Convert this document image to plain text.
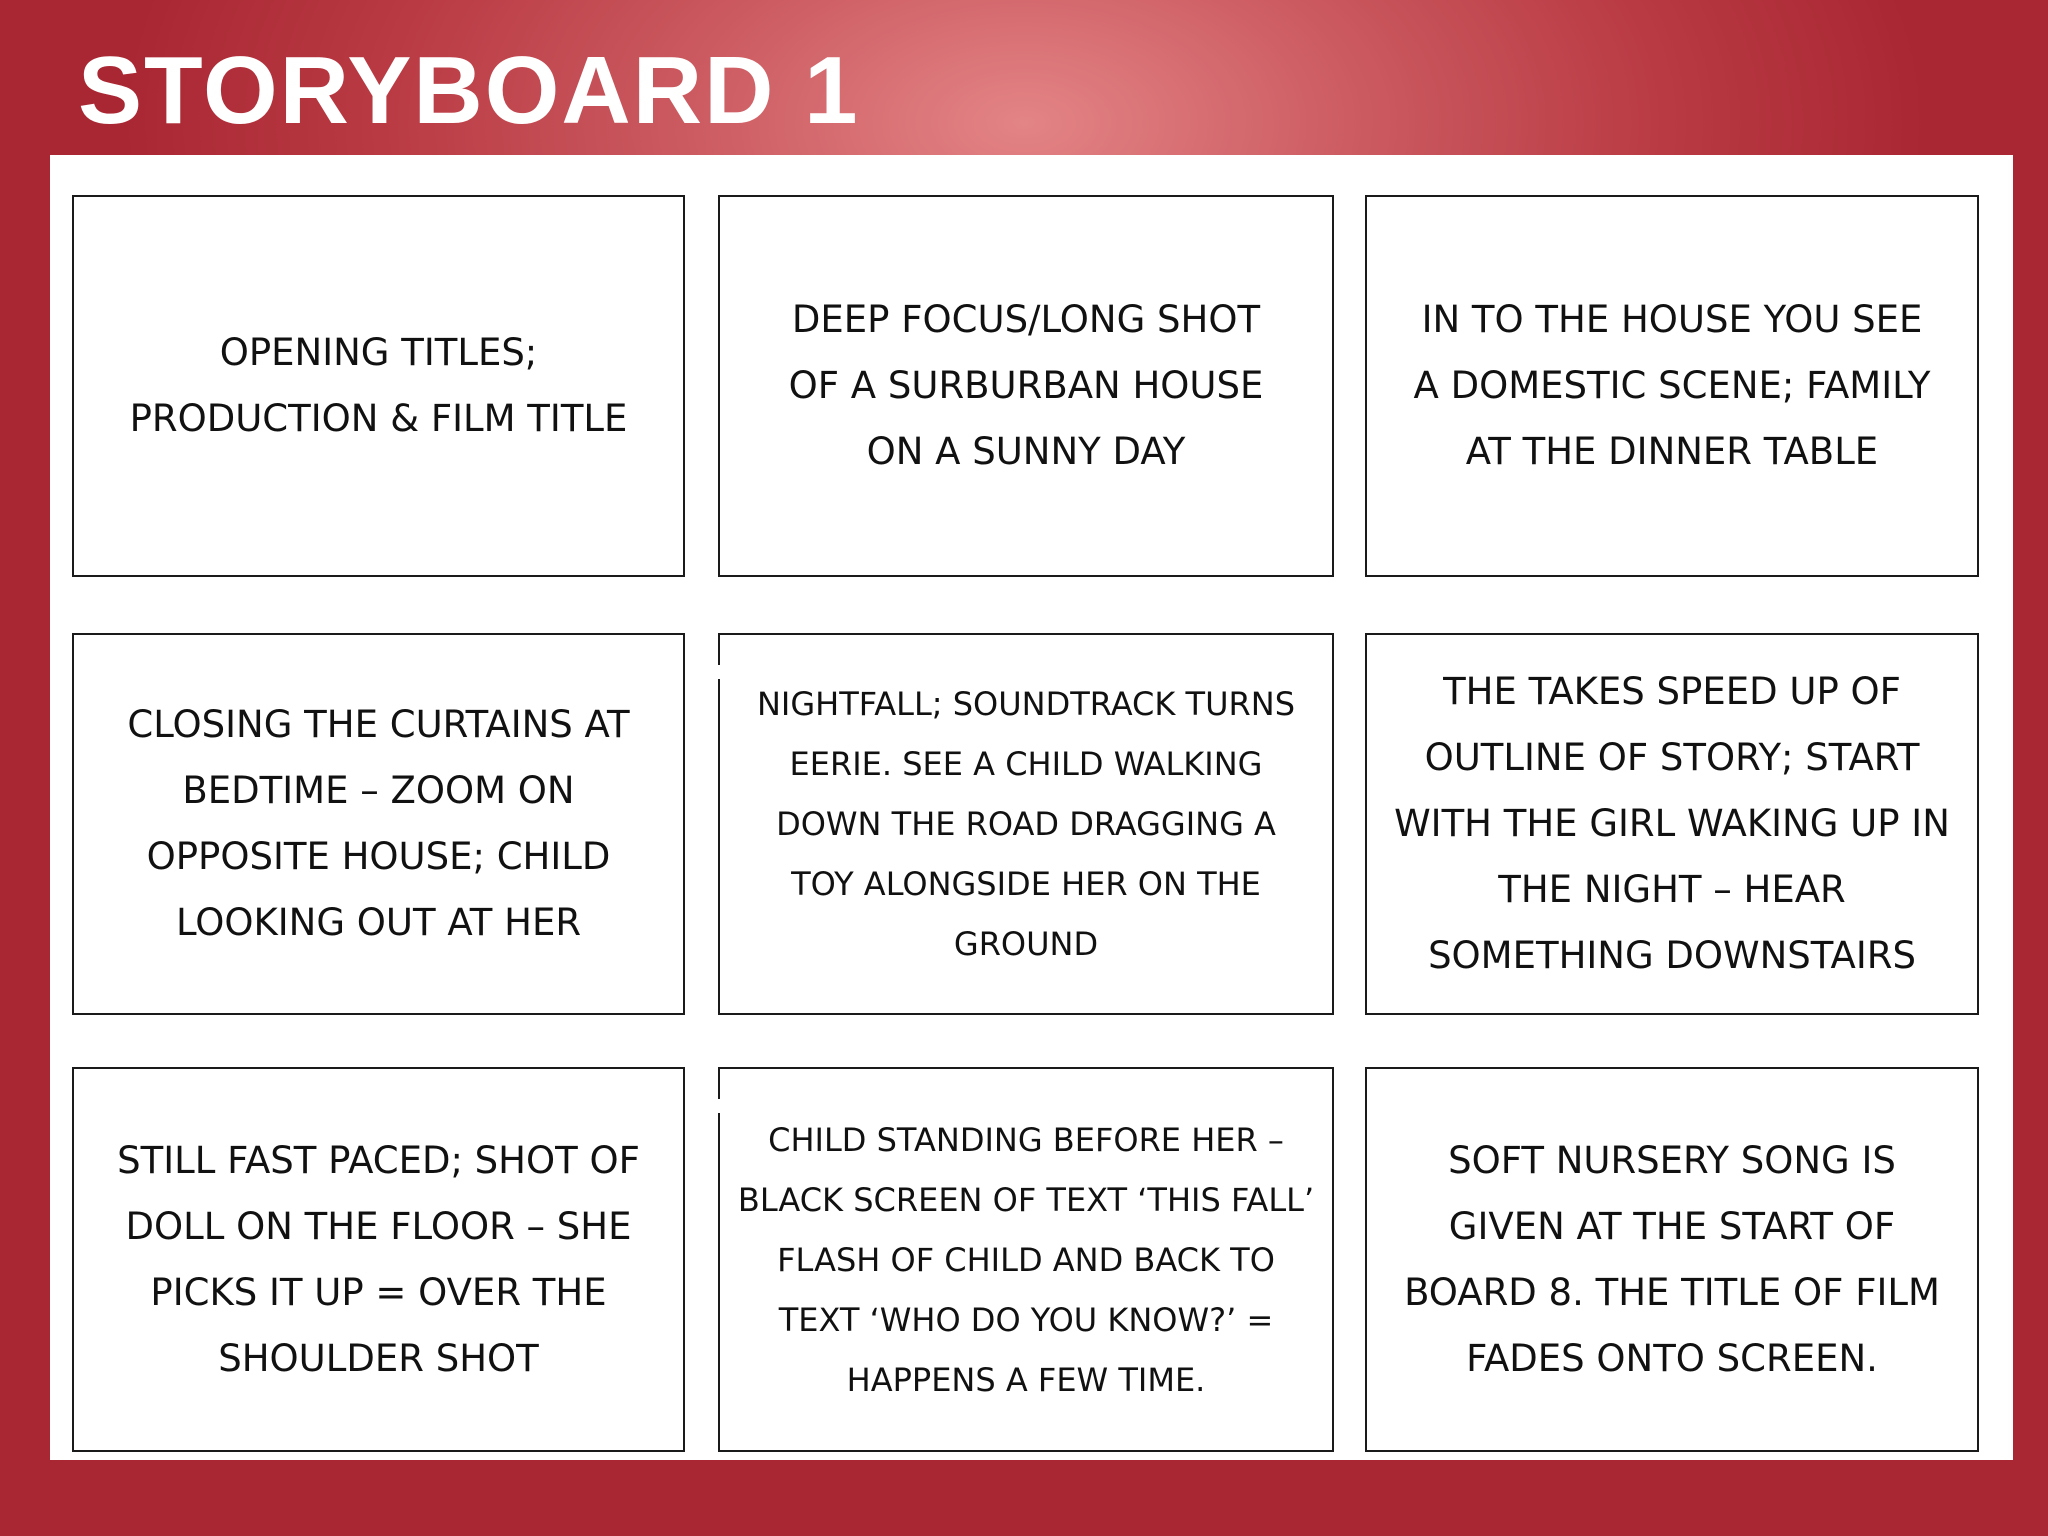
STORYBOARD 1
OPENING TITLES; PRODUCTION & FILM TITLE
DEEP FOCUS/LONG SHOT OF A SURBURBAN HOUSE ON A SUNNY DAY
IN TO THE HOUSE YOU SEE A DOMESTIC SCENE; FAMILY AT THE DINNER TABLE
CLOSING THE CURTAINS AT BEDTIME – ZOOM ON OPPOSITE HOUSE; CHILD LOOKING OUT AT HER
NIGHTFALL; SOUNDTRACK TURNS EERIE. SEE A CHILD WALKING DOWN THE ROAD DRAGGING A TOY ALONGSIDE HER ON THE GROUND
THE TAKES SPEED UP OF OUTLINE OF STORY; START WITH THE GIRL WAKING UP IN THE NIGHT – HEAR SOMETHING DOWNSTAIRS
STILL FAST PACED; SHOT OF DOLL ON THE FLOOR – SHE PICKS IT UP = OVER THE SHOULDER SHOT
CHILD STANDING BEFORE HER – BLACK SCREEN OF TEXT ‘THIS FALL’ FLASH OF CHILD AND BACK TO TEXT ‘WHO DO YOU KNOW?’ = HAPPENS A FEW TIME.
SOFT NURSERY SONG IS GIVEN AT THE START OF BOARD 8. THE TITLE OF FILM FADES ONTO SCREEN.
